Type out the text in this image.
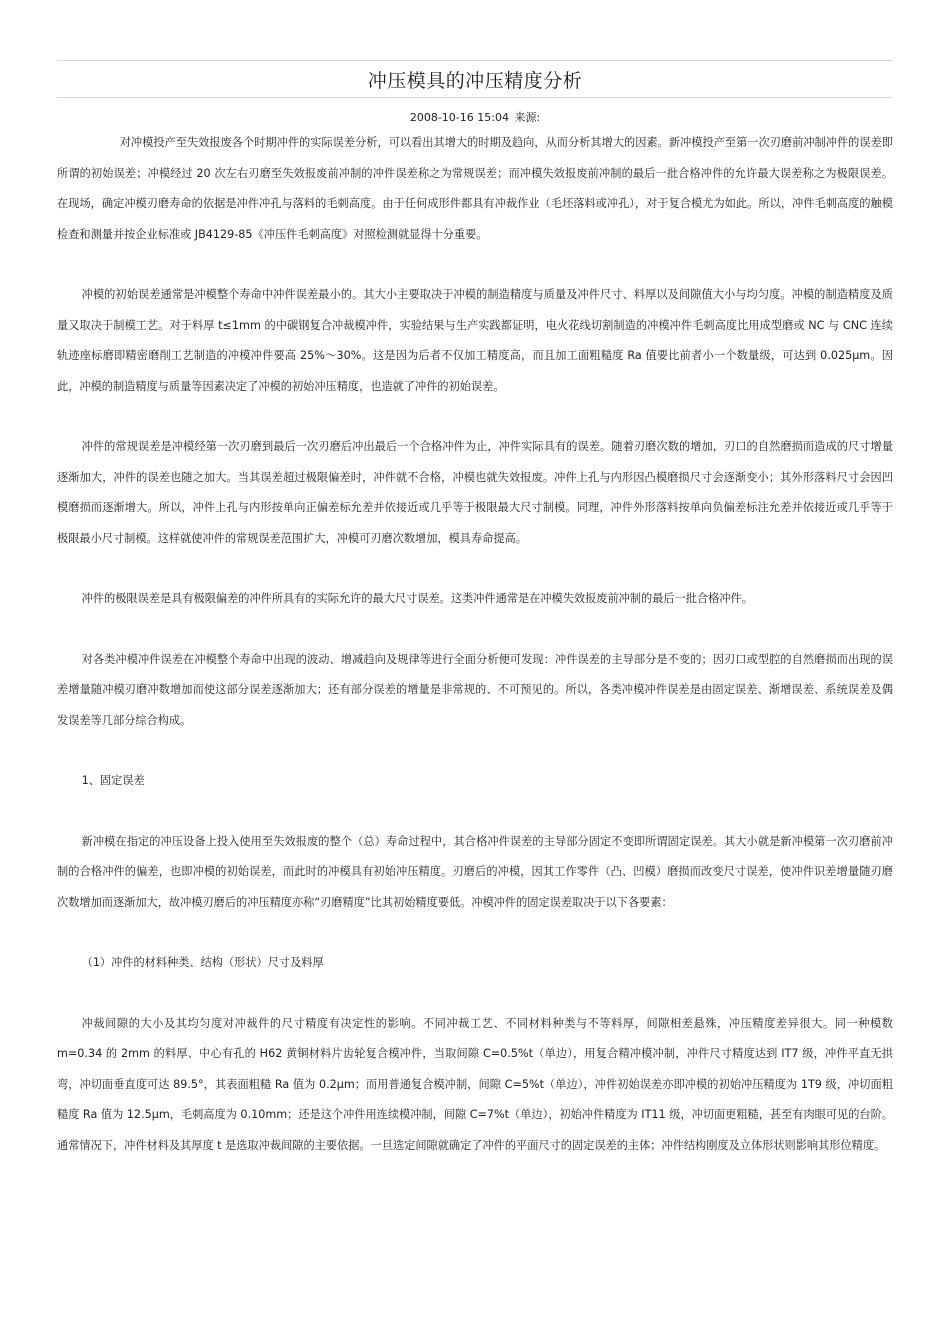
冲压模具的冲压精度分析
2008-10-16 15:04 来源:

对冲模投产至失效报废各个时期冲件的实际误差分析，可以看出其增大的时期及趋向，从而分析其增大的因素。新冲模投产至第一次刃磨前冲制冲件的误差即所谓的初始误差；冲模经过 20 次左右刃磨至失效报废前冲制的冲件误差称之为常规误差；而冲模失效报废前冲制的最后一批合格冲件的允许最大误差称之为极限误差。在现场，确定冲模刃磨寿命的依据是冲件冲孔与落料的毛刺高度。由于任何成形件都具有冲裁作业（毛坯落料或冲孔），对于复合模尤为如此。所以，冲件毛刺高度的触模检查和测量并按企业标准或 JB4129-85《冲压件毛刺高度》对照检测就显得十分重要。

冲模的初始误差通常是冲模整个寿命中冲件误差最小的。其大小主要取决于冲模的制造精度与质量及冲件尺寸、料厚以及间隙值大小与均匀度。冲模的制造精度及质量又取决于制模工艺。对于料厚 t≤1mm 的中碳钢复合冲裁模冲件，实验结果与生产实践都证明，电火花线切割制造的冲模冲件毛刺高度比用成型磨或 NC 与 CNC 连续轨迹座标磨即精密磨削工艺制造的冲模冲件要高 25%～30%。这是因为后者不仅加工精度高，而且加工面粗糙度 Ra 值要比前者小一个数量级，可达到 0.025μm。因此，冲模的制造精度与质量等因素决定了冲模的初始冲压精度，也造就了冲件的初始误差。

冲件的常规误差是冲模经第一次刃磨到最后一次刃磨后冲出最后一个合格冲件为止，冲件实际具有的误差。随着刃磨次数的增加，刃口的自然磨损而造成的尺寸增量逐渐加大，冲件的误差也随之加大。当其误差超过极限偏差时，冲件就不合格，冲模也就失效报废。冲件上孔与内形因凸模磨损尺寸会逐渐变小；其外形落料尺寸会因凹模磨损而逐渐增大。所以，冲件上孔与内形按单向正偏差标允差并依接近或几乎等于极限最大尺寸制模。同理，冲件外形落料按单向负偏差标注允差并依接近或几乎等于极限最小尺寸制模。这样就使冲件的常规误差范围扩大，冲模可刃磨次数增加，模具寿命提高。

冲件的极限误差是具有极限偏差的冲件所具有的实际允许的最大尺寸误差。这类冲件通常是在冲模失效报废前冲制的最后一批合格冲件。

对各类冲模冲件误差在冲模整个寿命中出现的波动、增减趋向及规律等进行全面分析便可发现：冲件误差的主导部分是不变的；因刃口或型腔的自然磨损而出现的误差增量随冲模刃磨冲数增加而使这部分误差逐渐加大；还有部分误差的增量是非常规的、不可预见的。所以，各类冲模冲件误差是由固定误差、渐增误差、系统误差及偶发误差等几部分综合构成。

1、固定误差

新冲模在指定的冲压设备上投入使用至失效报废的整个（总）寿命过程中，其合格冲件误差的主导部分固定不变即所谓固定误差。其大小就是新冲模第一次刃磨前冲制的合格冲件的偏差，也即冲模的初始误差，而此时的冲模具有初始冲压精度。刃磨后的冲模，因其工作零件（凸、凹模）磨损而改变尺寸误差，使冲件识差增量随刃磨次数增加而逐渐加大，故冲模刃磨后的冲压精度亦称“刃磨精度”比其初始精度要低。冲模冲件的固定误差取决于以下各要素：

（1）冲件的材料种类、结构（形状）尺寸及料厚

冲裁间隙的大小及其均匀度对冲裁件的尺寸精度有决定性的影响。不同冲裁工艺、不同材料种类与不等料厚，间隙相差悬殊，冲压精度差异很大。同一种模数 m=0.34 的 2mm 的料厚、中心有孔的 H62 黄铜材料片齿轮复合模冲件，当取间隙 C=0.5%t（单边），用复合精冲模冲制，冲件尺寸精度达到 IT7 级，冲件平直无拱弯，冲切面垂直度可达 89.5°，其表面粗糙 Ra 值为 0.2μm；而用普通复合模冲制，间隙 C=5%t（单边），冲件初始误差亦即冲模的初始冲压精度为 1T9 级，冲切面粗糙度 Ra 值为 12.5μm，毛刺高度为 0.10mm；还是这个冲件用连续模冲制，间隙 C=7%t（单边），初始冲件精度为 IT11 级，冲切面更粗糙，甚至有肉眼可见的台阶。通常情况下，冲件材料及其厚度 t 是选取冲裁间隙的主要依据。一旦选定间隙就确定了冲件的平面尺寸的固定误差的主体；冲件结构刚度及立体形状则影响其形位精度。
